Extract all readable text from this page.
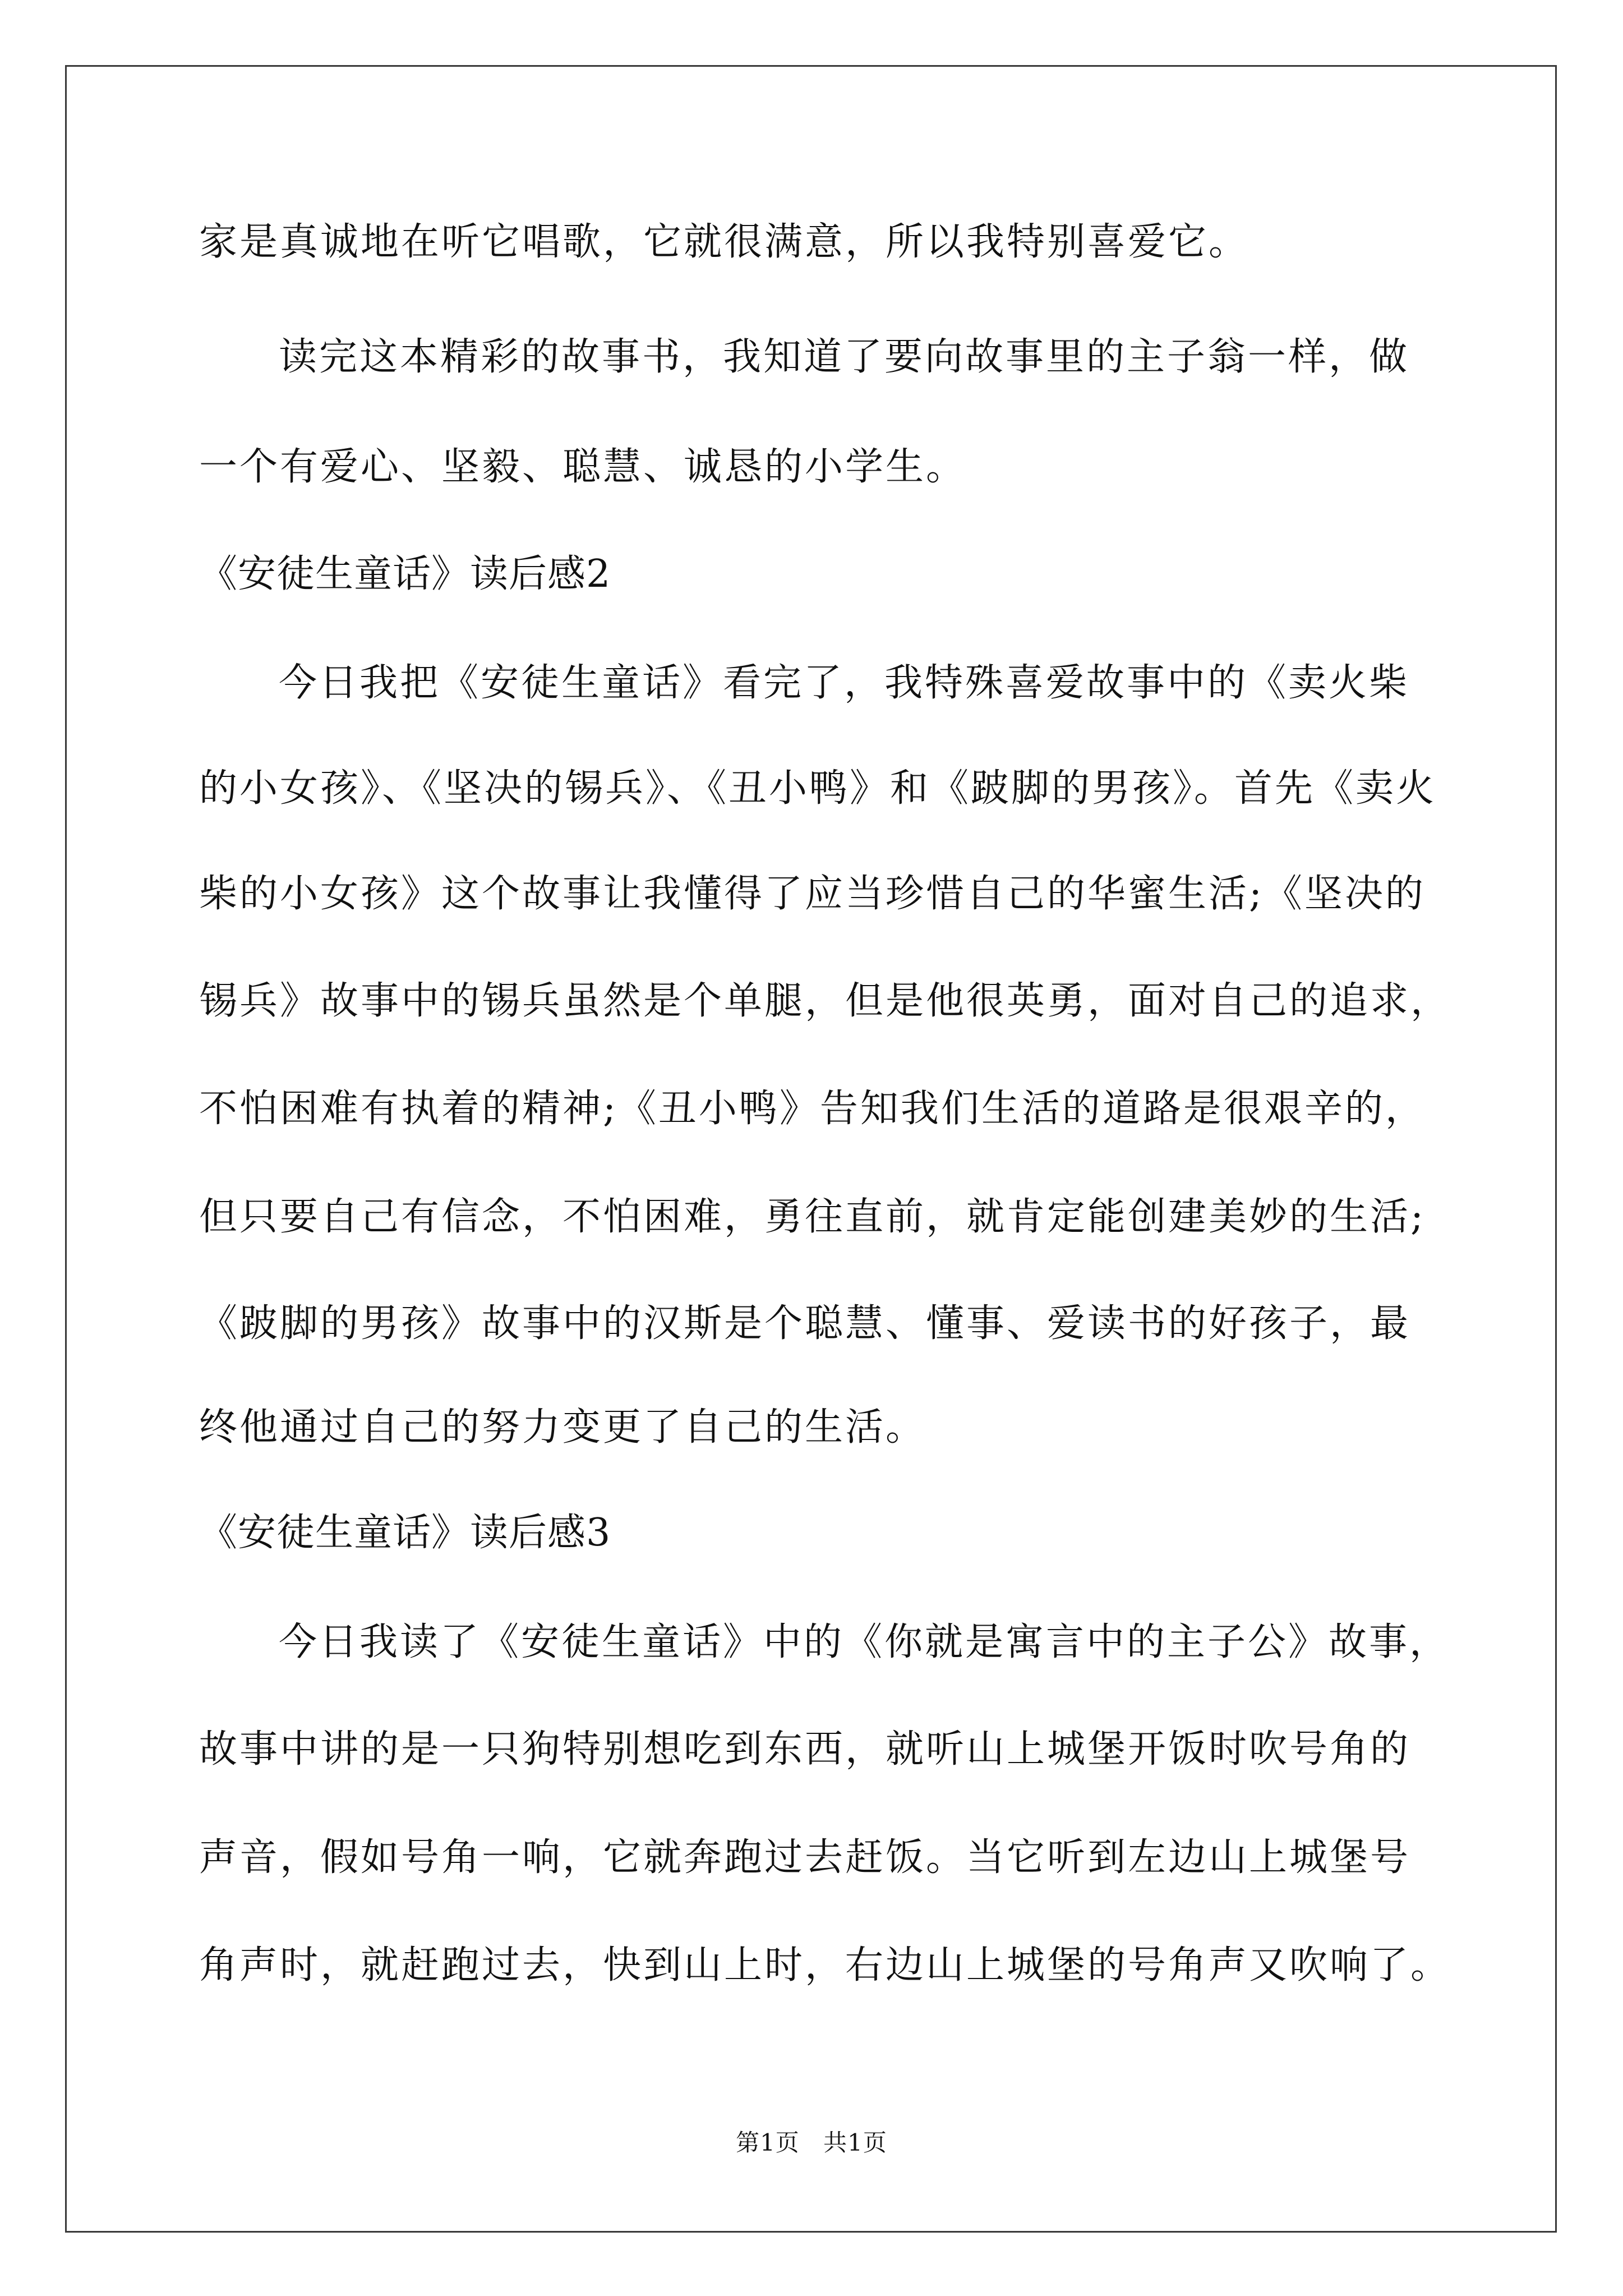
家是真诚地在听它唱歌，它就很满意，所以我特别喜爱它。
读完这本精彩的故事书，我知道了要向故事里的主子翁一样，做
一个有爱心、坚毅、聪慧、诚恳的小学生。
《安徒生童话》读后感2
今日我把《安徒生童话》看完了，我特殊喜爱故事中的《卖火柴
的小女孩》、《坚决的锡兵》、《丑小鸭》和《跛脚的男孩》。首先《卖火
柴的小女孩》这个故事让我懂得了应当珍惜自己的华蜜生活;《坚决的
锡兵》故事中的锡兵虽然是个单腿，但是他很英勇，面对自己的追求，
不怕困难有执着的精神;《丑小鸭》告知我们生活的道路是很艰辛的，
但只要自己有信念，不怕困难，勇往直前，就肯定能创建美妙的生活;
《跛脚的男孩》故事中的汉斯是个聪慧、懂事、爱读书的好孩子，最
终他通过自己的努力变更了自己的生活。
《安徒生童话》读后感3
今日我读了《安徒生童话》中的《你就是寓言中的主子公》故事，
故事中讲的是一只狗特别想吃到东西，就听山上城堡开饭时吹号角的
声音，假如号角一响，它就奔跑过去赶饭。当它听到左边山上城堡号
角声时，就赶跑过去，快到山上时，右边山上城堡的号角声又吹响了。
第1页 共1页
